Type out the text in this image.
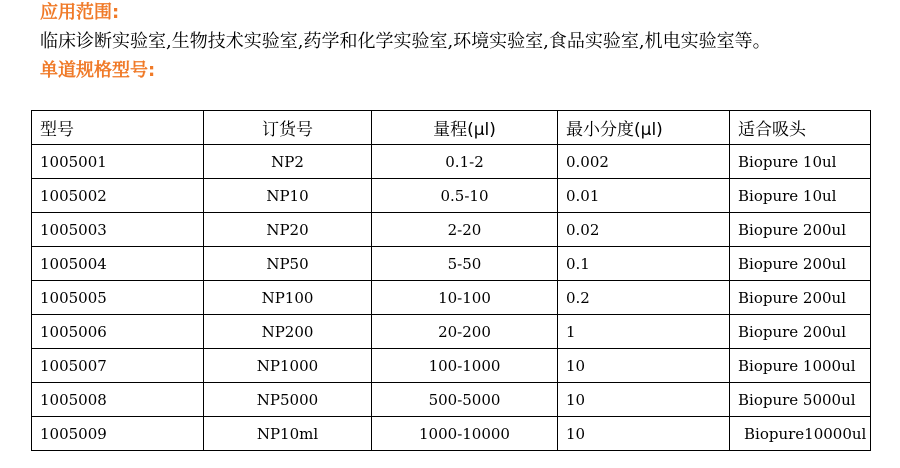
应用范围:
临床诊断实验室,生物技术实验室,药学和化学实验室,环境实验室,食品实验室,机电实验室等。
单道规格型号:
型号	订货号	量程(μl)	最小分度(μl)	适合吸头
1005001	NP2	0.1-2	0.002	Biopure 10ul
1005002	NP10	0.5-10	0.01	Biopure 10ul
1005003	NP20	2-20	0.02	Biopure 200ul
1005004	NP50	5-50	0.1	Biopure 200ul
1005005	NP100	10-100	0.2	Biopure 200ul
1005006	NP200	20-200	1	Biopure 200ul
1005007	NP1000	100-1000	10	Biopure 1000ul
1005008	NP5000	500-5000	10	Biopure 5000ul
1005009	NP10ml	1000-10000	10	Biopure10000ul
